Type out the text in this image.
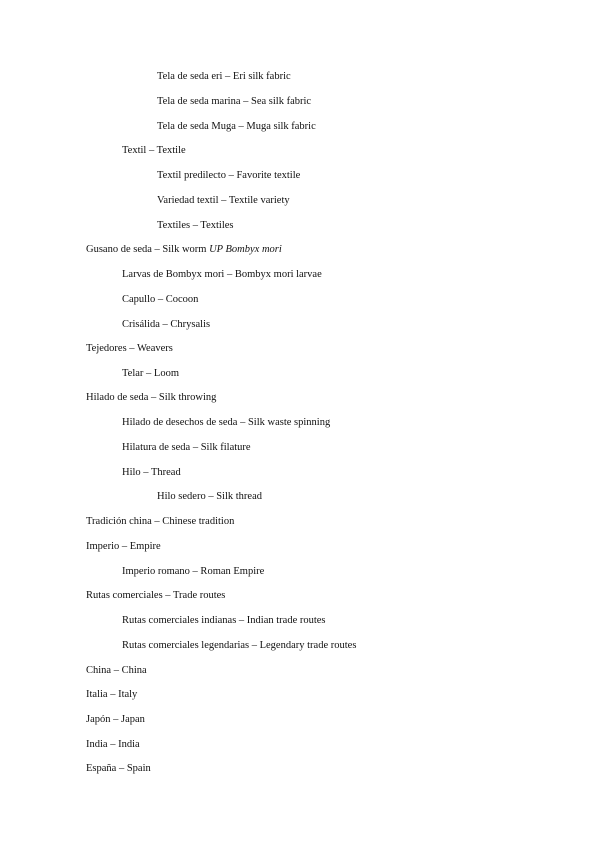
Tela de seda eri – Eri silk fabric
Tela de seda marina – Sea silk fabric
Tela de seda Muga – Muga silk fabric
Textil – Textile
Textil predilecto – Favorite textile
Variedad textil – Textile variety
Textiles – Textiles
Gusano de seda – Silk worm UP Bombyx mori
Larvas de Bombyx mori – Bombyx mori larvae
Capullo – Cocoon
Crisálida – Chrysalis
Tejedores – Weavers
Telar – Loom
Hilado de seda – Silk throwing
Hilado de desechos de seda – Silk waste spinning
Hilatura de seda – Silk filature
Hilo – Thread
Hilo sedero – Silk thread
Tradición china – Chinese tradition
Imperio – Empire
Imperio romano – Roman Empire
Rutas comerciales – Trade routes
Rutas comerciales indianas – Indian trade routes
Rutas comerciales legendarias – Legendary trade routes
China – China
Italia – Italy
Japón – Japan
India – India
España – Spain
